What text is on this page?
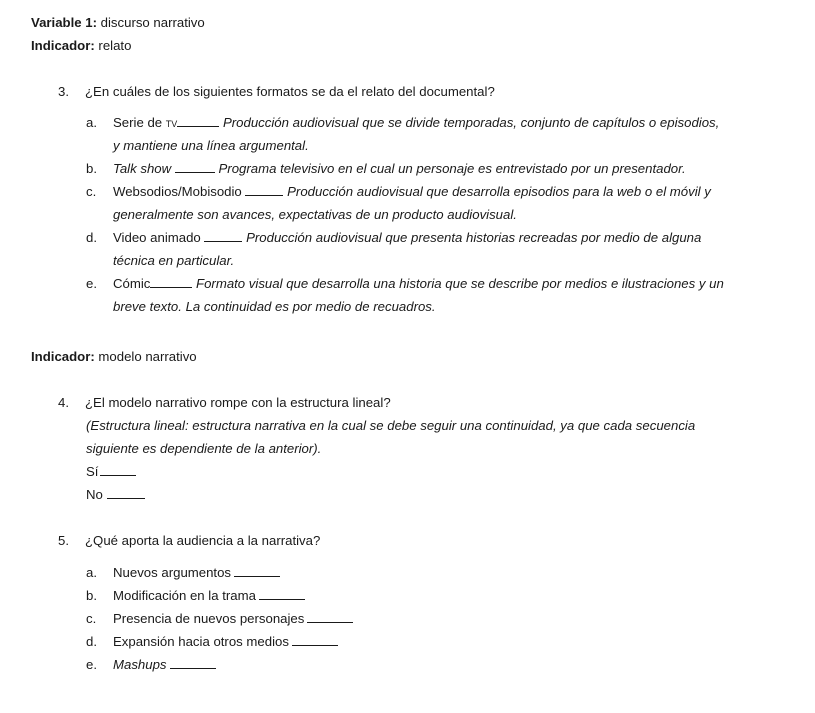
Variable 1: discurso narrativo
Indicador: relato
3. ¿En cuáles de los siguientes formatos se da el relato del documental?
a. Serie de TV	Producción audiovisual que se divide temporadas, conjunto de capítulos o episodios,
y mantiene una línea argumental.
b. Talk show	Programa televisivo en el cual un personaje es entrevistado por un presentador.
c. Websodios/Mobisodio	Producción audiovisual que desarrolla episodios para la web o el móvil y
generalmente son avances, expectativas de un producto audiovisual.
d. Video animado	Producción audiovisual que presenta historias recreadas por medio de alguna
técnica en particular.
e. Cómic	Formato visual que desarrolla una historia que se describe por medios e ilustraciones y un
breve texto. La continuidad es por medio de recuadros.
Indicador: modelo narrativo
4. ¿El modelo narrativo rompe con la estructura lineal?
(Estructura lineal: estructura narrativa en la cual se debe seguir una continuidad, ya que cada secuencia
siguiente es dependiente de la anterior).
Sí
No
5. ¿Qué aporta la audiencia a la narrativa?
a. Nuevos argumentos
b. Modificación en la trama
c. Presencia de nuevos personajes
d. Expansión hacia otros medios
e. Mashups
